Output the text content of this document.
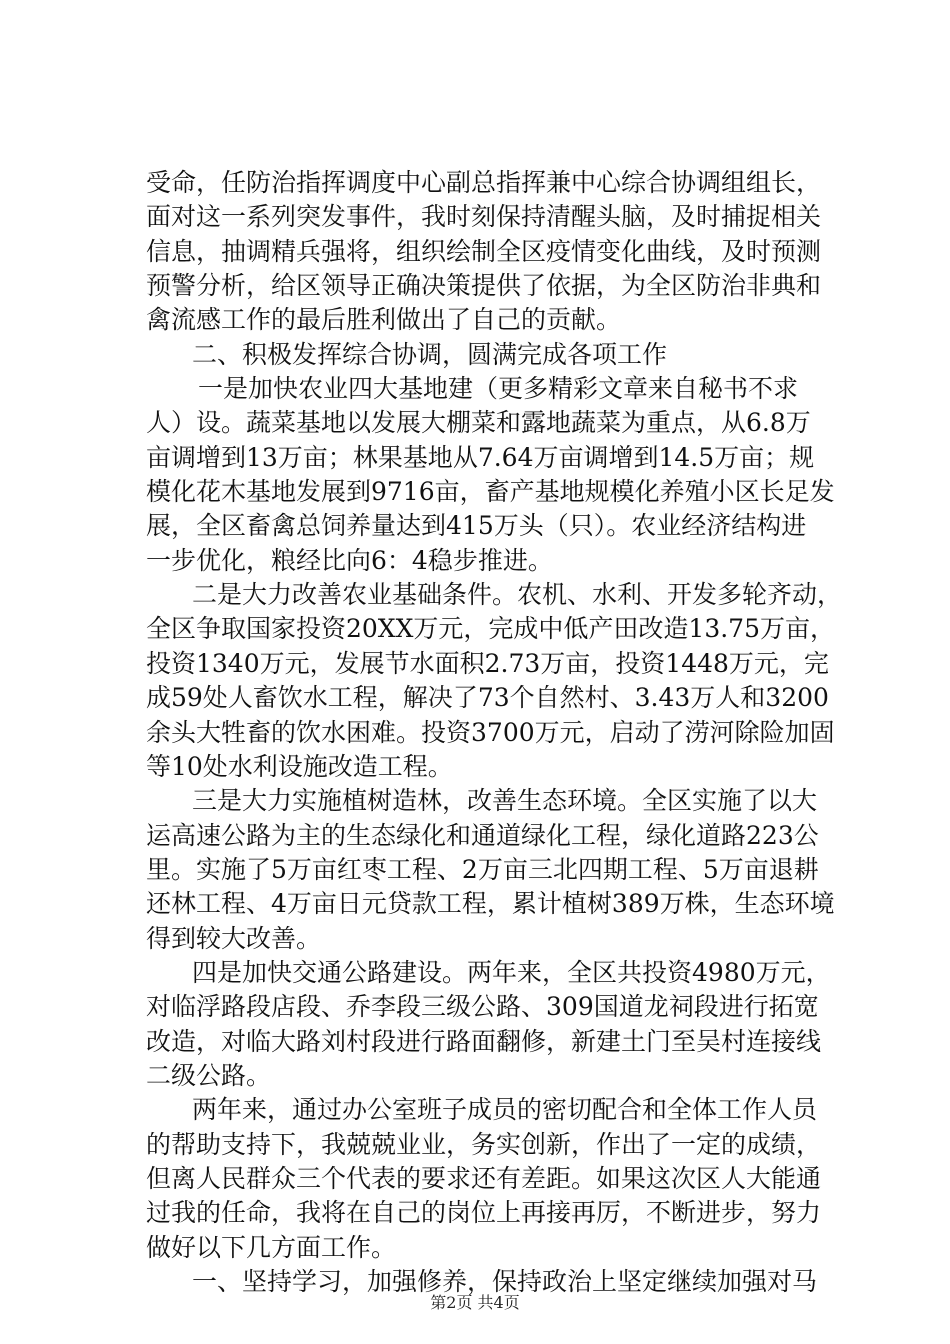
受命，任防治指挥调度中心副总指挥兼中心综合协调组组长，
面对这一系列突发事件，我时刻保持清醒头脑，及时捕捉相关
信息，抽调精兵强将，组织绘制全区疫情变化曲线，及时预测
预警分析，给区领导正确决策提供了依据，为全区防治非典和
禽流感工作的最后胜利做出了自己的贡献。
二、积极发挥综合协调，圆满完成各项工作
一是加快农业四大基地建（更多精彩文章来自秘书不求
人）设。蔬菜基地以发展大棚菜和露地蔬菜为重点，从6.8万
亩调增到13万亩；林果基地从7.64万亩调增到14.5万亩；规
模化花木基地发展到9716亩，畜产基地规模化养殖小区长足发
展，全区畜禽总饲养量达到415万头（只）。农业经济结构进
一步优化，粮经比向6：4稳步推进。
二是大力改善农业基础条件。农机、水利、开发多轮齐动，
全区争取国家投资20XX万元，完成中低产田改造13.75万亩，
投资1340万元，发展节水面积2.73万亩，投资1448万元，完
成59处人畜饮水工程，解决了73个自然村、3.43万人和3200
余头大牲畜的饮水困难。投资3700万元，启动了涝河除险加固
等10处水利设施改造工程。
三是大力实施植树造林，改善生态环境。全区实施了以大
运高速公路为主的生态绿化和通道绿化工程，绿化道路223公
里。实施了5万亩红枣工程、2万亩三北四期工程、5万亩退耕
还林工程、4万亩日元贷款工程，累计植树389万株，生态环境
得到较大改善。
四是加快交通公路建设。两年来，全区共投资4980万元，
对临浮路段店段、乔李段三级公路、309国道龙祠段进行拓宽
改造，对临大路刘村段进行路面翻修，新建土门至吴村连接线
二级公路。
两年来，通过办公室班子成员的密切配合和全体工作人员
的帮助支持下，我兢兢业业，务实创新，作出了一定的成绩，
但离人民群众三个代表的要求还有差距。如果这次区人大能通
过我的任命，我将在自己的岗位上再接再厉，不断进步，努力
做好以下几方面工作。
一、坚持学习，加强修养，保持政治上坚定继续加强对马
第2页 共4页
